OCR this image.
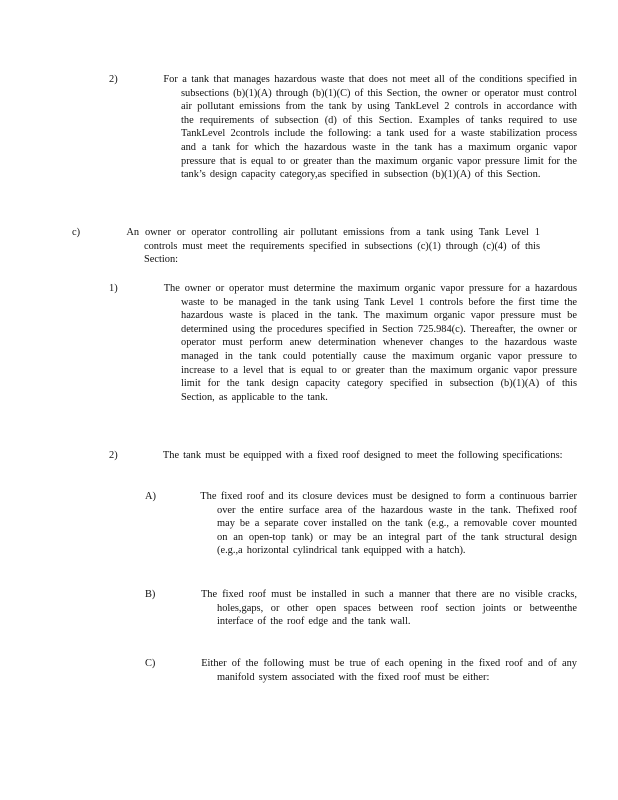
2)	For a tank that manages hazardous waste that does not meet all of the conditions specified in subsections (b)(1)(A) through (b)(1)(C) of this Section, the owner or operator must control air pollutant emissions from the tank by using TankLevel 2 controls in accordance with the requirements of subsection (d) of this Section. Examples of tanks required to use TankLevel 2controls include the following: a tank used for a waste stabilization process and a tank for which the hazardous waste in the tank has a maximum organic vapor pressure that is equal to or greater than the maximum organic vapor pressure limit for the tank’s design capacity category,as specified in subsection (b)(1)(A) of this Section.
c)	An owner or operator controlling air pollutant emissions from a tank using Tank Level 1 controls must meet the requirements specified in subsections (c)(1) through (c)(4) of this Section:
1)	The owner or operator must determine the maximum organic vapor pressure for a hazardous waste to be managed in the tank using Tank Level 1 controls before the first time the hazardous waste is placed in the tank. The maximum organic vapor pressure must be determined using the procedures specified in Section 725.984(c). Thereafter, the owner or operator must perform anew determination whenever changes to the hazardous waste managed in the tank could potentially cause the maximum organic vapor pressure to increase to a level that is equal to or greater than the maximum organic vapor pressure limit for the tank design capacity category specified in subsection (b)(1)(A) of this Section, as applicable to the tank.
2)	The tank must be equipped with a fixed roof designed to meet the following specifications:
A)	The fixed roof and its closure devices must be designed to form a continuous barrier over the entire surface area of the hazardous waste in the tank. Thefixed roof may be a separate cover installed on the tank (e.g., a removable cover mounted on an open-top tank) or may be an integral part of the tank structural design (e.g.,a horizontal cylindrical tank equipped with a hatch).
B)	The fixed roof must be installed in such a manner that there are no visible cracks, holes,gaps, or other open spaces between roof section joints or betweenthe interface of the roof edge and the tank wall.
C)	Either of the following must be true of each opening in the fixed roof and of any manifold system associated with the fixed roof must be either:
